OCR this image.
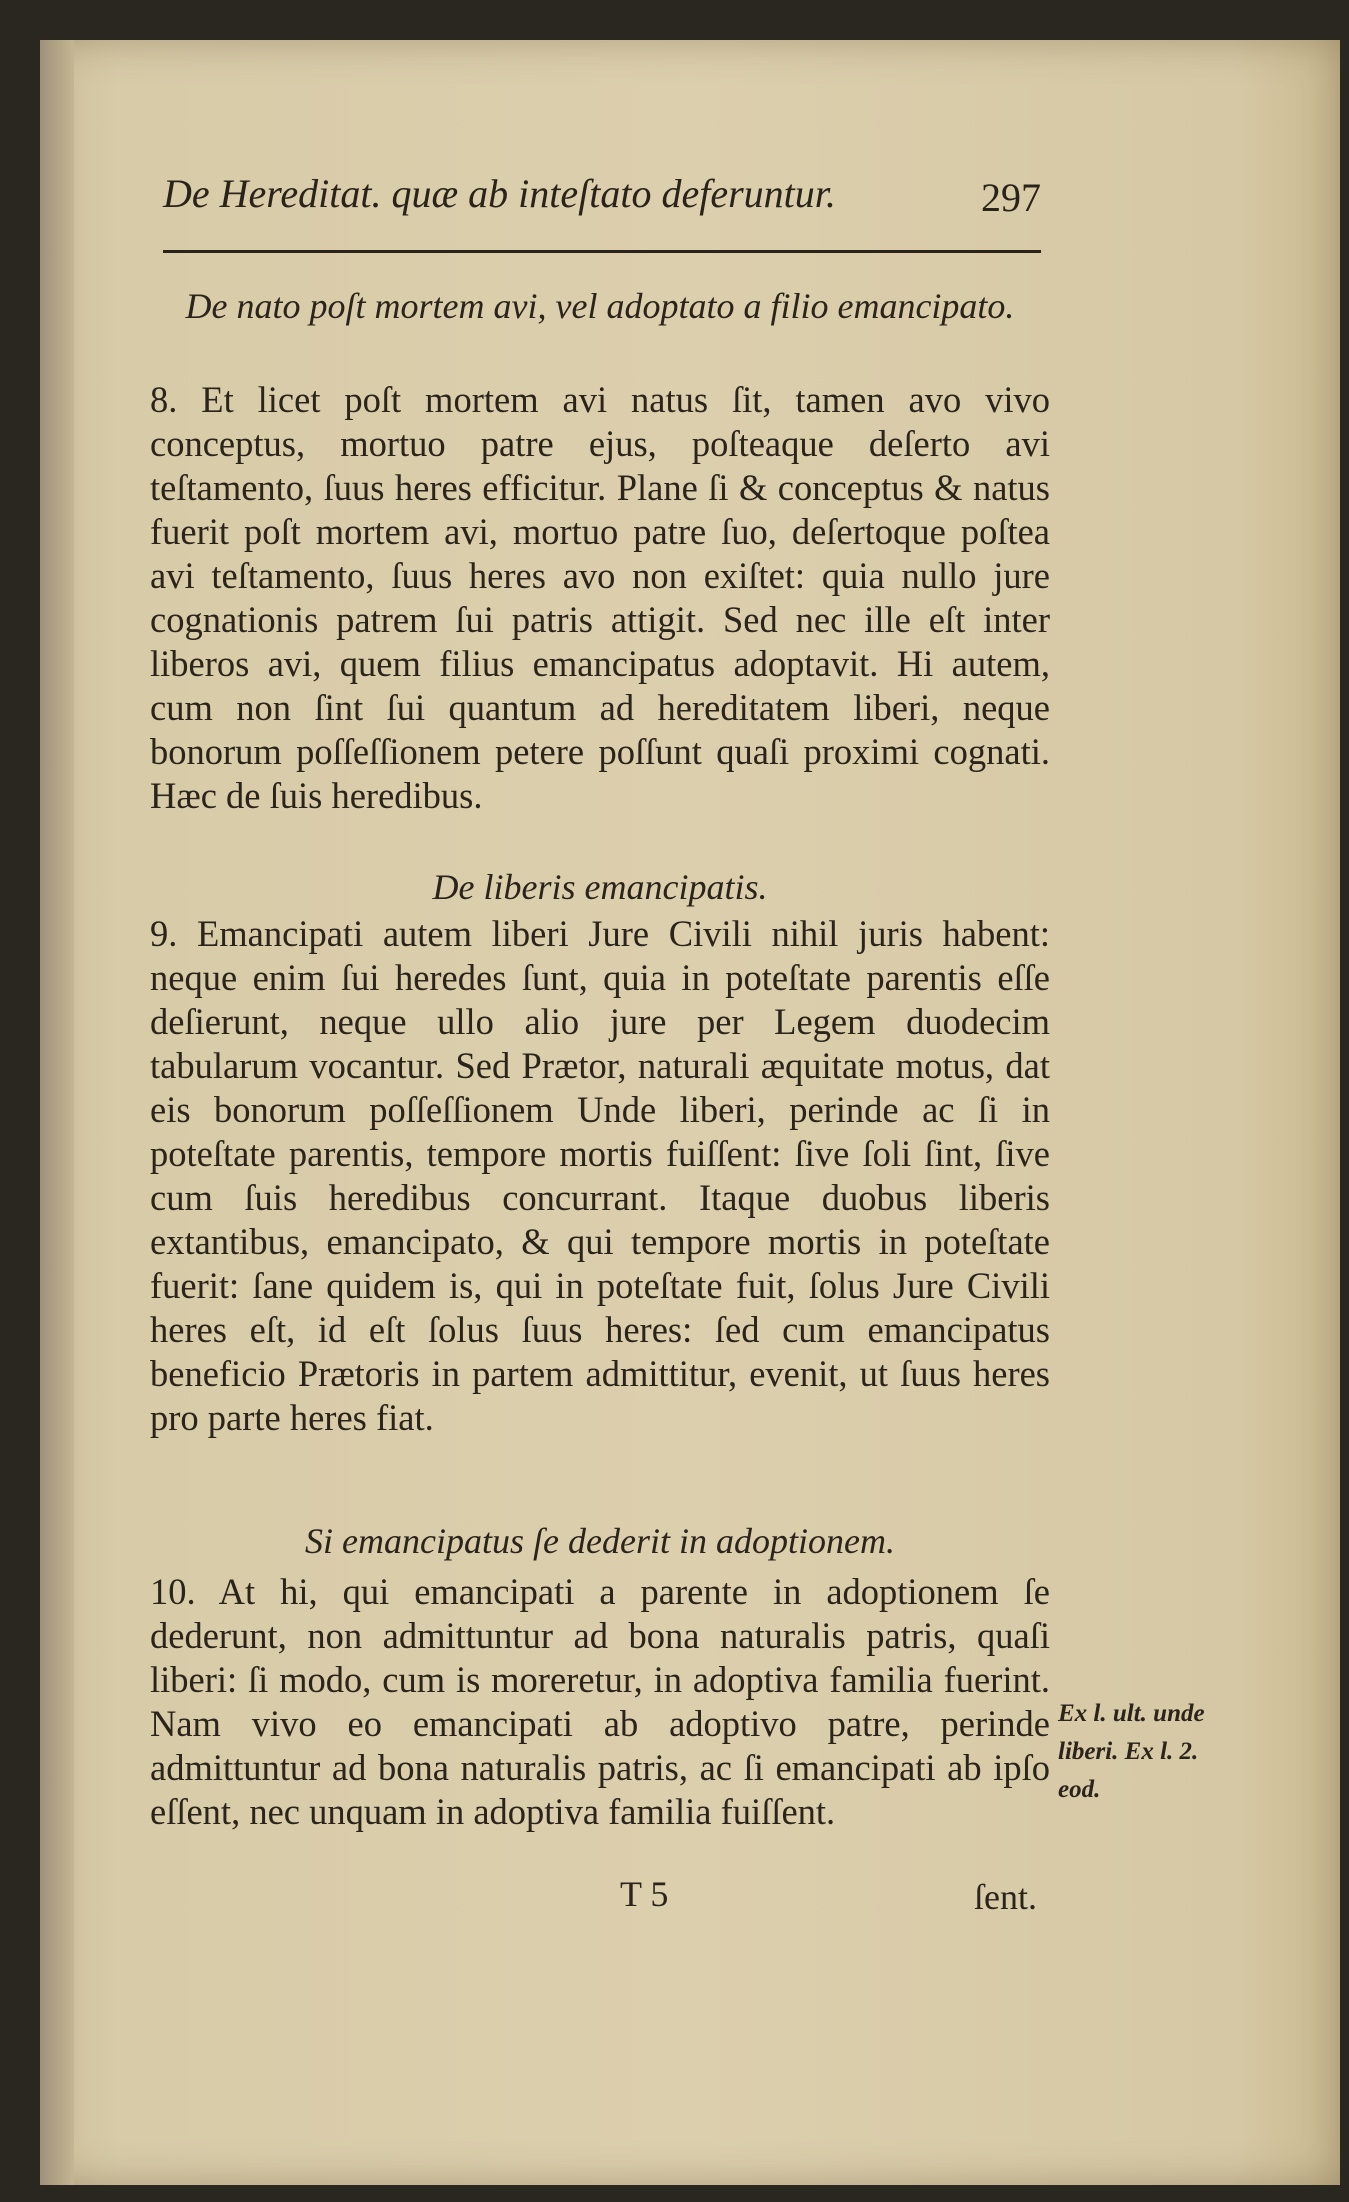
De Hereditat. quæ ab inteſtato deferuntur.	297
De nato poſt mortem avi, vel adoptato a filio emancipato.

8. Et licet poſt mortem avi natus ſit, tamen avo vivo conceptus, mortuo patre ejus, poſteaque deſerto avi teſtamento, ſuus heres efficitur. Plane ſi & conceptus & natus fuerit poſt mortem avi, mortuo patre ſuo, deſertoque poſtea avi teſtamento, ſuus heres avo non exiſtet: quia nullo jure cognationis patrem ſui patris attigit. Sed nec ille eſt inter liberos avi, quem filius emancipatus adoptavit. Hi autem, cum non ſint ſui quantum ad hereditatem liberi, neque bonorum poſſeſſionem petere poſſunt quaſi proximi cognati. Hæc de ſuis heredibus.

De liberis emancipatis.

9. Emancipati autem liberi Jure Civili nihil juris habent: neque enim ſui heredes ſunt, quia in poteſtate parentis eſſe deſierunt, neque ullo alio jure per Legem duodecim tabularum vocantur. Sed Prætor, naturali æquitate motus, dat eis bonorum poſſeſſionem Unde liberi, perinde ac ſi in poteſtate parentis, tempore mortis fuiſſent: ſive ſoli ſint, ſive cum ſuis heredibus concurrant. Itaque duobus liberis extantibus, emancipato, & qui tempore mortis in poteſtate fuerit: ſane quidem is, qui in poteſtate fuit, ſolus Jure Civili heres eſt, id eſt ſolus ſuus heres: ſed cum emancipatus beneficio Prætoris in partem admittitur, evenit, ut ſuus heres pro parte heres fiat.

Si emancipatus ſe dederit in adoptionem.

10. At hi, qui emancipati a parente in adoptionem ſe dederunt, non admittuntur ad bona naturalis patris, quaſi liberi: ſi modo, cum is moreretur, in adoptiva familia fuerint. Nam vivo eo emancipati ab adoptivo patre, perinde admittuntur ad bona naturalis patris, ac ſi emancipati ab ipſo eſſent, nec unquam in adoptiva familia fuiſſent.

Ex l. ult. unde liberi. Ex l. 2. eod.
T 5	ſent.
